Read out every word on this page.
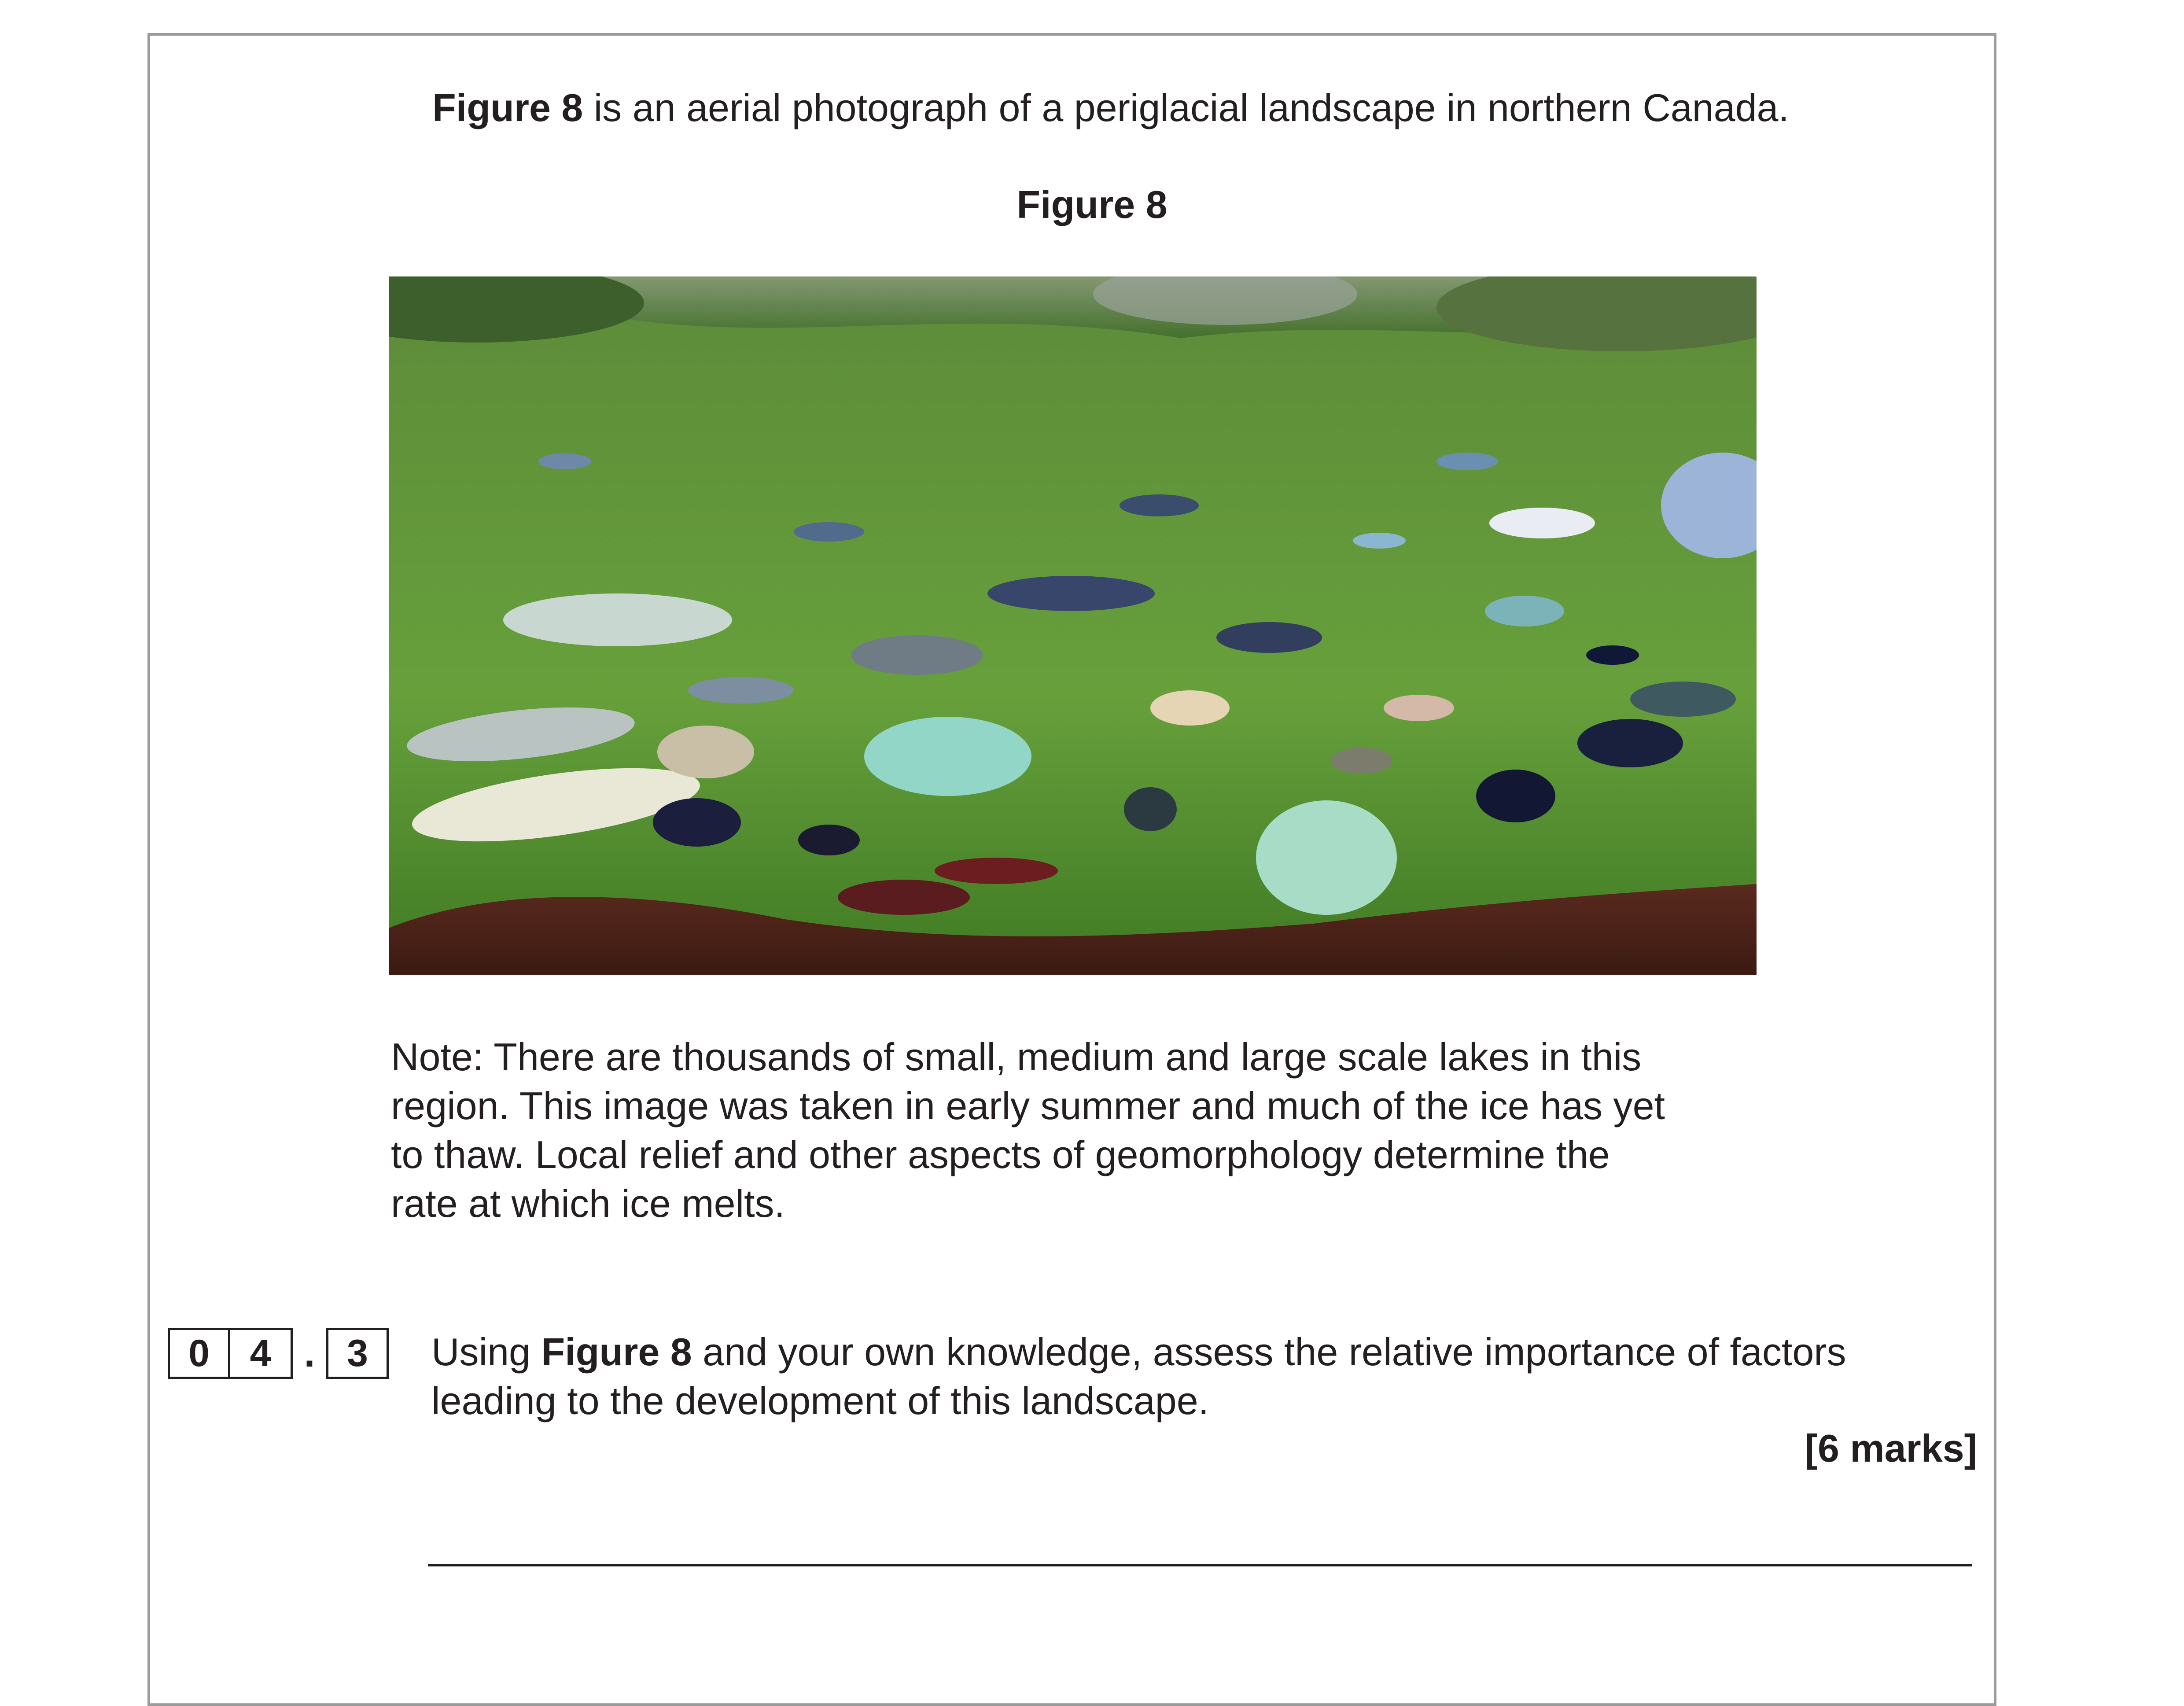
Figure 8 is an aerial photograph of a periglacial landscape in northern Canada.
Figure 8
Note: There are thousands of small, medium and large scale lakes in this
region. This image was taken in early summer and much of the ice has yet
to thaw. Local relief and other aspects of geomorphology determine the
rate at which ice melts.
0	4 . 3	Using Figure 8 and your own knowledge, assess the relative importance of factors
leading to the development of this landscape.
[6 marks]
